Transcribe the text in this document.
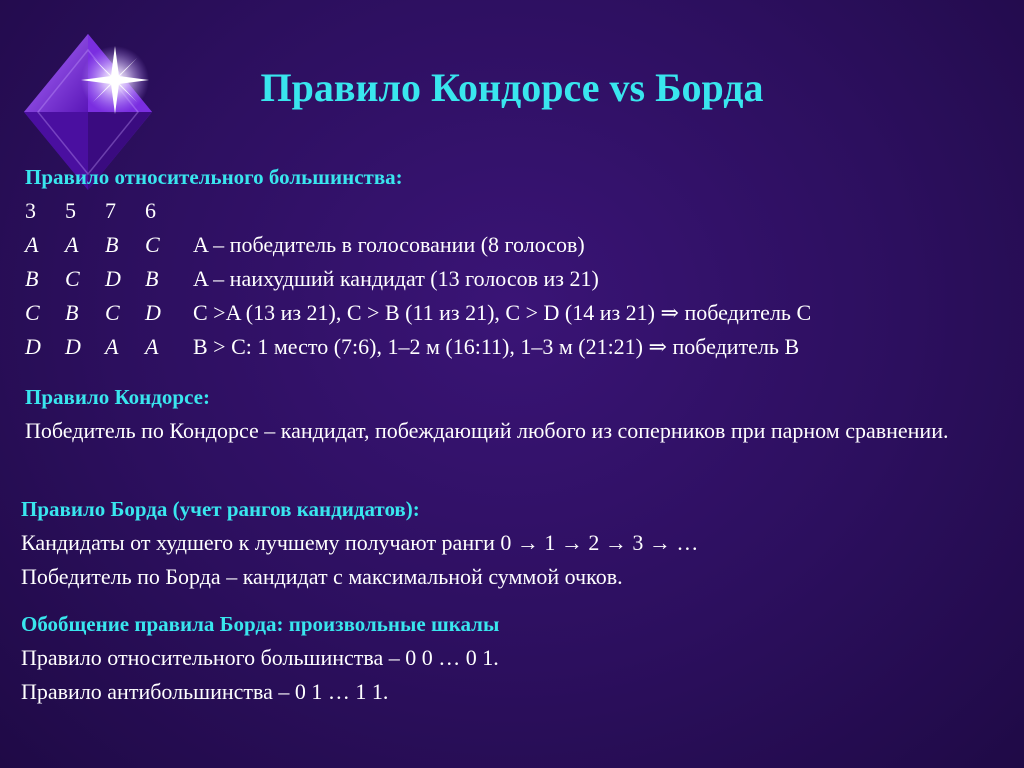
Правило Кондорсе vs Борда
Правило относительного большинства:
3	5	7	6
A	A	B	C	A – победитель в голосовании (8 голосов)
B	C	D	B	A – наихудший кандидат (13 голосов из 21)
C	B	C	D	C >A (13 из 21), C > B (11 из 21), C > D (14 из 21) ⇒ победитель C
D	D	A	A	B > C: 1 место (7:6), 1–2 м (16:11), 1–3 м (21:21) ⇒ победитель B
Правило Кондорсе:
Победитель по Кондорсе – кандидат, побеждающий любого из соперников при парном сравнении.
Правило Борда (учет рангов кандидатов):
Кандидаты от худшего к лучшему получают ранги 0 → 1 → 2 → 3 → …
Победитель по Борда – кандидат с максимальной суммой очков.
Обобщение правила Борда: произвольные шкалы
Правило относительного большинства – 0 0 … 0 1.
Правило антибольшинства – 0 1 … 1 1.
